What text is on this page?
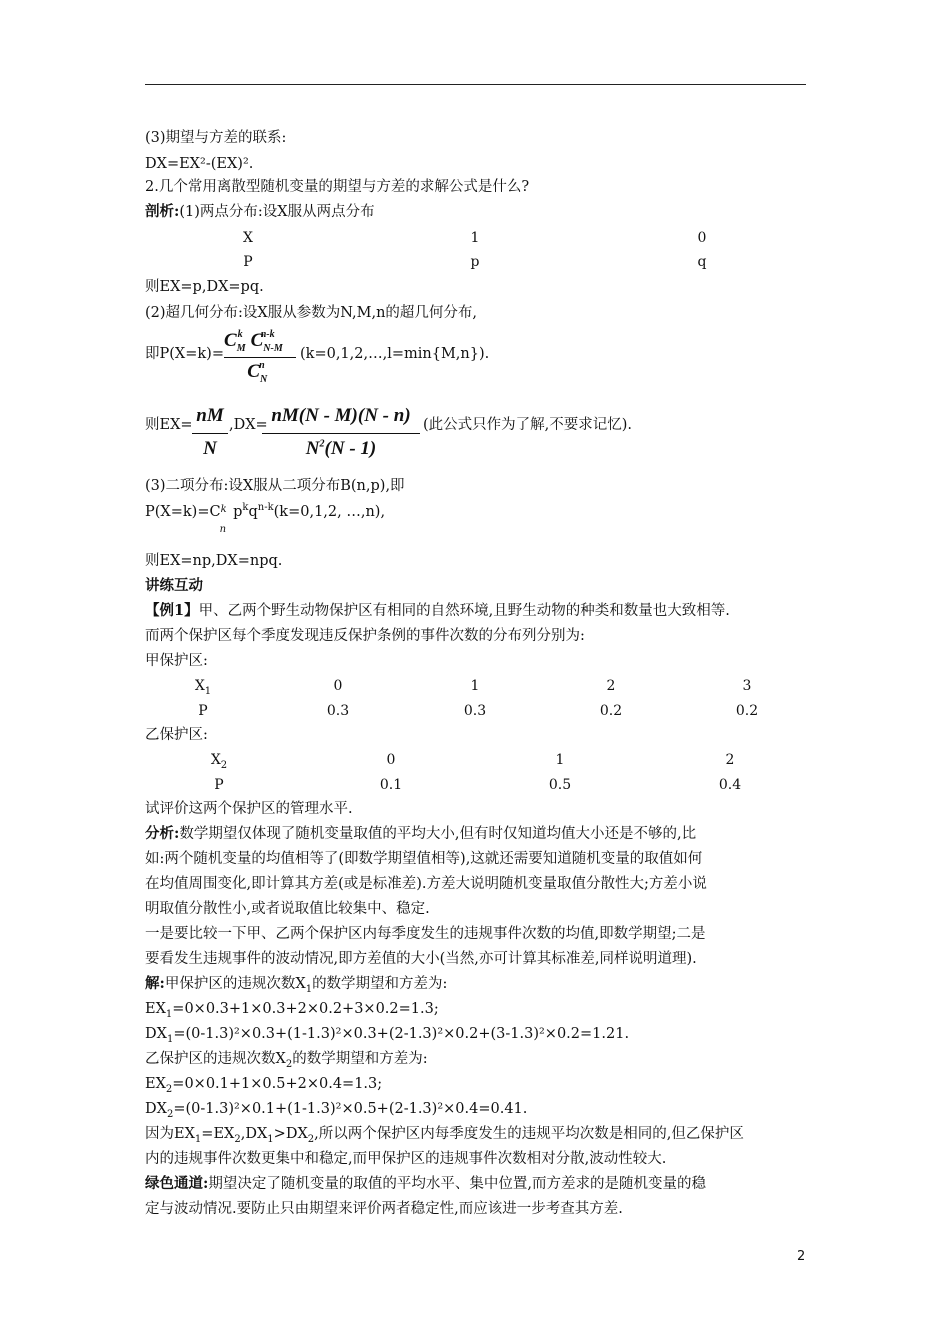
(3)期望与方差的联系:
DX=EX²-(EX)².
2.几个常用离散型随机变量的期望与方差的求解公式是什么?
剖析:(1)两点分布:设X服从两点分布
X	1	0
P	p	q
则EX=p,DX=pq.
(2)超几何分布:设X服从参数为N,M,n的超几何分布,
即P(X=k)=
$C_M^k$ $C_{N-M}^{n-k}$
$C_N^n$
(k=0,1,2,…,l=min{M,n}).
则EX= nM
N
,DX= nM(N - M)(N - n)
$N^2(N - 1)$
(此公式只作为了解,不要求记忆).
(3)二项分布:设X服从二项分布B(n,p),即
$P(X=k)=C^k_np^kq^{n-k}(k=0,1,2$, …,n),
则EX=np,DX=npq.
讲练互动
【例1】甲、乙两个野生动物保护区有相同的自然环境,且野生动物的种类和数量也大致相等.
而两个保护区每个季度发现违反保护条例的事件次数的分布列分别为:
甲保护区:
$X_1$	0	1	2	3
P	0.3	0.3	0.2	0.2
乙保护区:
$X_2$	0	1	2
P	0.1	0.5	0.4
试评价这两个保护区的管理水平.
分析:数学期望仅体现了随机变量取值的平均大小,但有时仅知道均值大小还是不够的,比
如:两个随机变量的均值相等了(即数学期望值相等),这就还需要知道随机变量的取值如何
在均值周围变化,即计算其方差(或是标准差).方差大说明随机变量取值分散性大;方差小说
明取值分散性小,或者说取值比较集中、稳定.
一是要比较一下甲、乙两个保护区内每季度发生的违规事件次数的均值,即数学期望;二是
要看发生违规事件的波动情况,即方差值的大小(当然,亦可计算其标准差,同样说明道理).
解:甲保护区的违规次数$X_1$的数学期望和方差为:
$EX_1=0\times 0.3+1\times 0.3+2\times 0.2+3\times 0.2=1.3$;
$DX_1=(0-1.3)^2\times 0.3+(1-1.3)^2\times 0.3+(2-1.3)^2\times 0.2+(3-1.3)^2\times 0.2=1.21$.
乙保护区的违规次数$X_2$的数学期望和方差为:
$EX_2=0\times 0.1+1\times 0.5+2\times 0.4=1.3$;
$DX_2=(0-1.3)^2\times 0.1+(1-1.3)^2\times 0.5+(2-1.3)^2\times 0.4=0.41$.
因为$EX_1=EX_2,DX_1>DX_2$,所以两个保护区内每季度发生的违规平均次数是相同的,但乙保护区
内的违规事件次数更集中和稳定,而甲保护区的违规事件次数相对分散,波动性较大.
绿色通道:期望决定了随机变量的取值的平均水平、集中位置,而方差求的是随机变量的稳
定与波动情况.要防止只由期望来评价两者稳定性,而应该进一步考查其方差.
2
